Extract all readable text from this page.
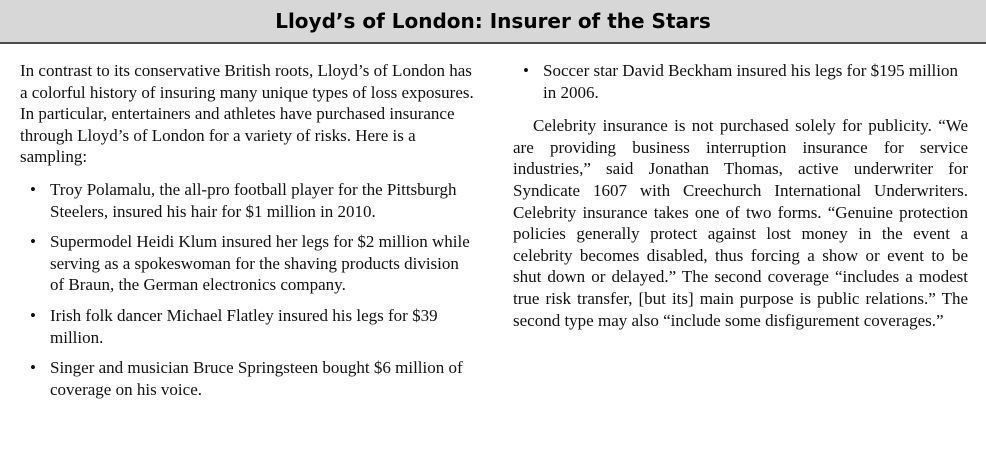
Lloyd’s of London: Insurer of the Stars

In contrast to its conservative British roots, Lloyd’s of London has a colorful history of insuring many unique types of loss exposures. In particular, entertainers and athletes have purchased insurance through Lloyd’s of London for a variety of risks. Here is a sampling:

• Troy Polamalu, the all-pro football player for the Pittsburgh Steelers, insured his hair for $1 million in 2010.
• Supermodel Heidi Klum insured her legs for $2 million while serving as a spokeswoman for the shaving products division of Braun, the German electronics company.
• Irish folk dancer Michael Flatley insured his legs for $39 million.
• Singer and musician Bruce Springsteen bought $6 million of coverage on his voice.
• Soccer star David Beckham insured his legs for $195 million in 2006.

Celebrity insurance is not purchased solely for publicity. “We are providing business interruption insurance for service industries,” said Jonathan Thomas, active underwriter for Syndicate 1607 with Creechurch International Underwriters. Celebrity insurance takes one of two forms. “Genuine protection policies generally protect against lost money in the event a celebrity becomes disabled, thus forcing a show or event to be shut down or delayed.” The second coverage “includes a modest true risk transfer, [but its] main purpose is public relations.” The second type may also “include some disfigurement coverages.”
